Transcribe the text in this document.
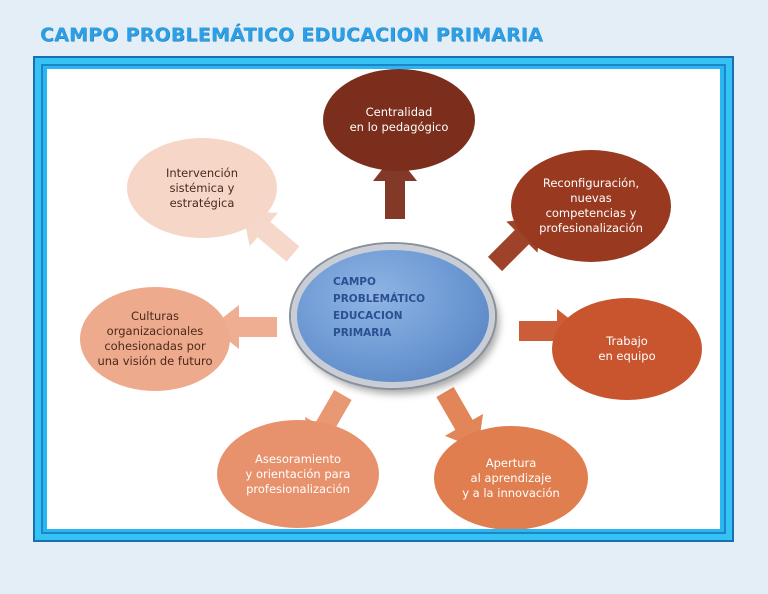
CAMPO PROBLEMÁTICO EDUCACION PRIMARIA
Centralidad
en lo pedagógico
Reconfiguración,
nuevas
competencias y
profesionalización
Trabajo
en equipo
Apertura
al aprendizaje
y a la innovación
Asesoramiento
y orientación para
profesionalización
Culturas
organizacionales
cohesionadas por
una visión de futuro
Intervención
sistémica y
estratégica
CAMPO
PROBLEMÁTICO
EDUCACION
PRIMARIA
